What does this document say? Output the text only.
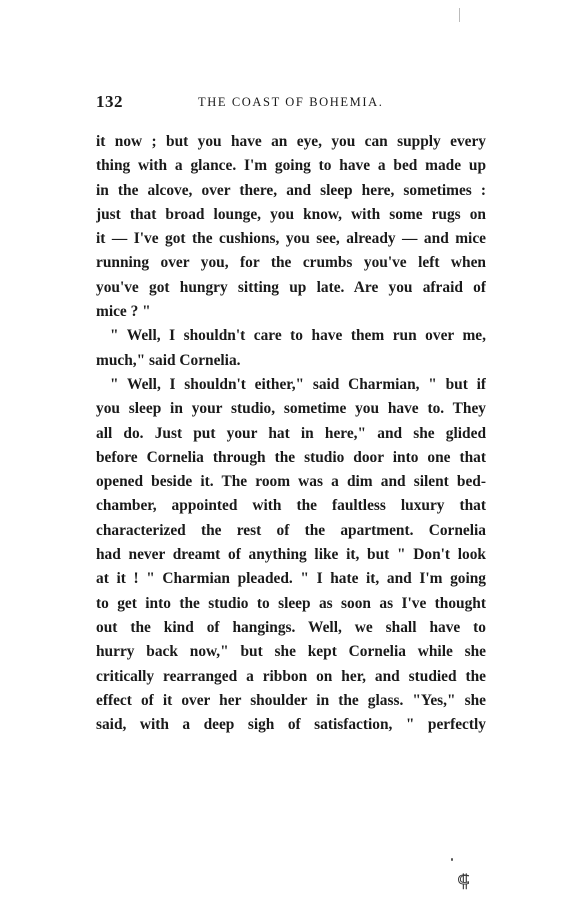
132	THE COAST OF BOHEMIA.
it now ; but you have an eye, you can supply every
thing with a glance. I'm going to have a bed made up
in the alcove, over there, and sleep here, sometimes :
just that broad lounge, you know, with some rugs on
it — I've got the cushions, you see, already — and mice
running over you, for the crumbs you've left when
you've got hungry sitting up late. Are you afraid of
mice ? "
" Well, I shouldn't care to have them run over me,
much," said Cornelia.
" Well, I shouldn't either," said Charmian, " but if
you sleep in your studio, sometime you have to. They
all do. Just put your hat in here," and she glided
before Cornelia through the studio door into one that
opened beside it. The room was a dim and silent bed-
chamber, appointed with the faultless luxury that
characterized the rest of the apartment. Cornelia
had never dreamt of anything like it, but " Don't look
at it ! " Charmian pleaded. " I hate it, and I'm going
to get into the studio to sleep as soon as I've thought
out the kind of hangings. Well, we shall have to
hurry back now," but she kept Cornelia while she
critically rearranged a ribbon on her, and studied the
effect of it over her shoulder in the glass. "Yes," she
said, with a deep sigh of satisfaction, " perfectly
⸿
